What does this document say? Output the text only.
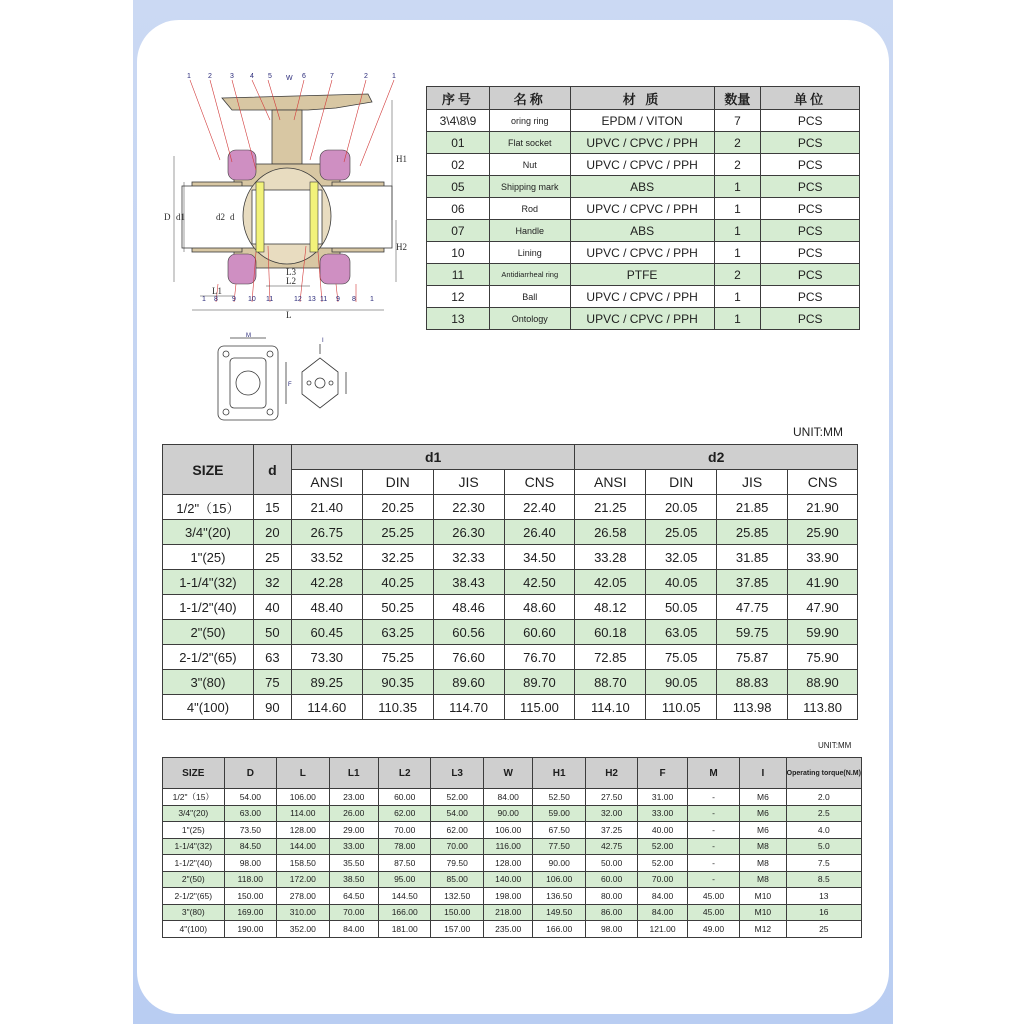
1 2	3 4 5 W 6	7	2	1
1 8 9 10 11	12 13 11 9 8 1
D d1	d2 d
H1
H2
L1
L2
L3
L
M
I
F
序号	名称	材 质	数量	单位
3\4\8\9	oring ring	EPDM / VITON	7	PCS
01	Flat socket	UPVC / CPVC / PPH	2	PCS
02	Nut	UPVC / CPVC / PPH	2	PCS
05	Shipping mark	ABS	1	PCS
06	Rod	UPVC / CPVC / PPH	1	PCS
07	Handle	ABS	1	PCS
10	Lining	UPVC / CPVC / PPH	1	PCS
11	Antidiarrheal ring	PTFE	2	PCS
12	Ball	UPVC / CPVC / PPH	1	PCS
13	Ontology	UPVC / CPVC / PPH	1	PCS
UNIT:MM
SIZE	d	d1				d2			
		ANSI	DIN	JIS	CNS	ANSI	DIN	JIS	CNS
1/2"（15）	15	21.40	20.25	22.30	22.40	21.25	20.05	21.85	21.90
3/4"(20)	20	26.75	25.25	26.30	26.40	26.58	25.05	25.85	25.90
1"(25)	25	33.52	32.25	32.33	34.50	33.28	32.05	31.85	33.90
1-1/4"(32)	32	42.28	40.25	38.43	42.50	42.05	40.05	37.85	41.90
1-1/2"(40)	40	48.40	50.25	48.46	48.60	48.12	50.05	47.75	47.90
2"(50)	50	60.45	63.25	60.56	60.60	60.18	63.05	59.75	59.90
2-1/2"(65)	63	73.30	75.25	76.60	76.70	72.85	75.05	75.87	75.90
3"(80)	75	89.25	90.35	89.60	89.70	88.70	90.05	88.83	88.90
4"(100)	90	114.60	110.35	114.70	115.00	114.10	110.05	113.98	113.80
UNIT:MM
SIZE	D	L	L1	L2	L3	W	H1	H2	F	M	I	Operating torque(N.M)
1/2"（15）	54.00	106.00	23.00	60.00	52.00	84.00	52.50	27.50	31.00	-	M6	2.0
3/4"(20)	63.00	114.00	26.00	62.00	54.00	90.00	59.00	32.00	33.00	-	M6	2.5
1"(25)	73.50	128.00	29.00	70.00	62.00	106.00	67.50	37.25	40.00	-	M6	4.0
1-1/4"(32)	84.50	144.00	33.00	78.00	70.00	116.00	77.50	42.75	52.00	-	M8	5.0
1-1/2"(40)	98.00	158.50	35.50	87.50	79.50	128.00	90.00	50.00	52.00	-	M8	7.5
2"(50)	118.00	172.00	38.50	95.00	85.00	140.00	106.00	60.00	70.00	-	M8	8.5
2-1/2"(65)	150.00	278.00	64.50	144.50	132.50	198.00	136.50	80.00	84.00	45.00	M10	13
3"(80)	169.00	310.00	70.00	166.00	150.00	218.00	149.50	86.00	84.00	45.00	M10	16
4"(100)	190.00	352.00	84.00	181.00	157.00	235.00	166.00	98.00	121.00	49.00	M12	25
